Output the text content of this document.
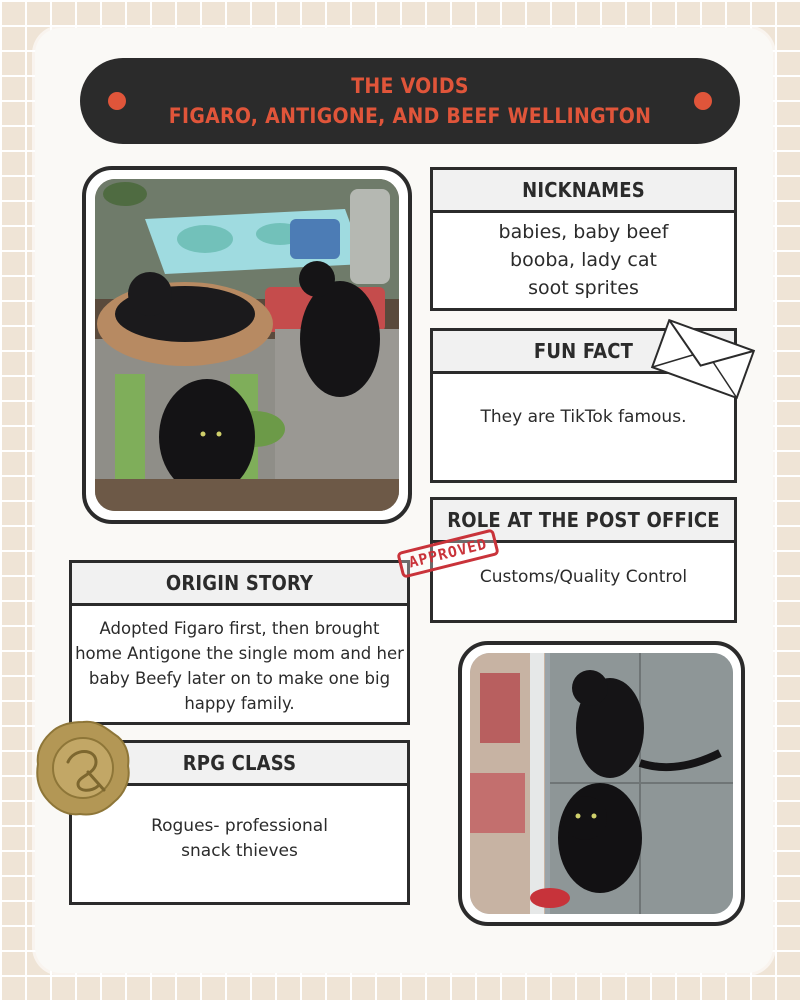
THE VOIDS
FIGARO, ANTIGONE, AND BEEF WELLINGTON
NICKNAMES
babies, baby beef
booba, lady cat
soot sprites
FUN FACT
They are TikTok famous.
ROLE AT THE POST OFFICE
Customs/Quality Control
ORIGIN STORY
Adopted Figaro first, then brought
home Antigone the single mom and her
baby Beefy later on to make one big
happy family.
APPROVED
RPG CLASS
Rogues- professional
snack thieves
